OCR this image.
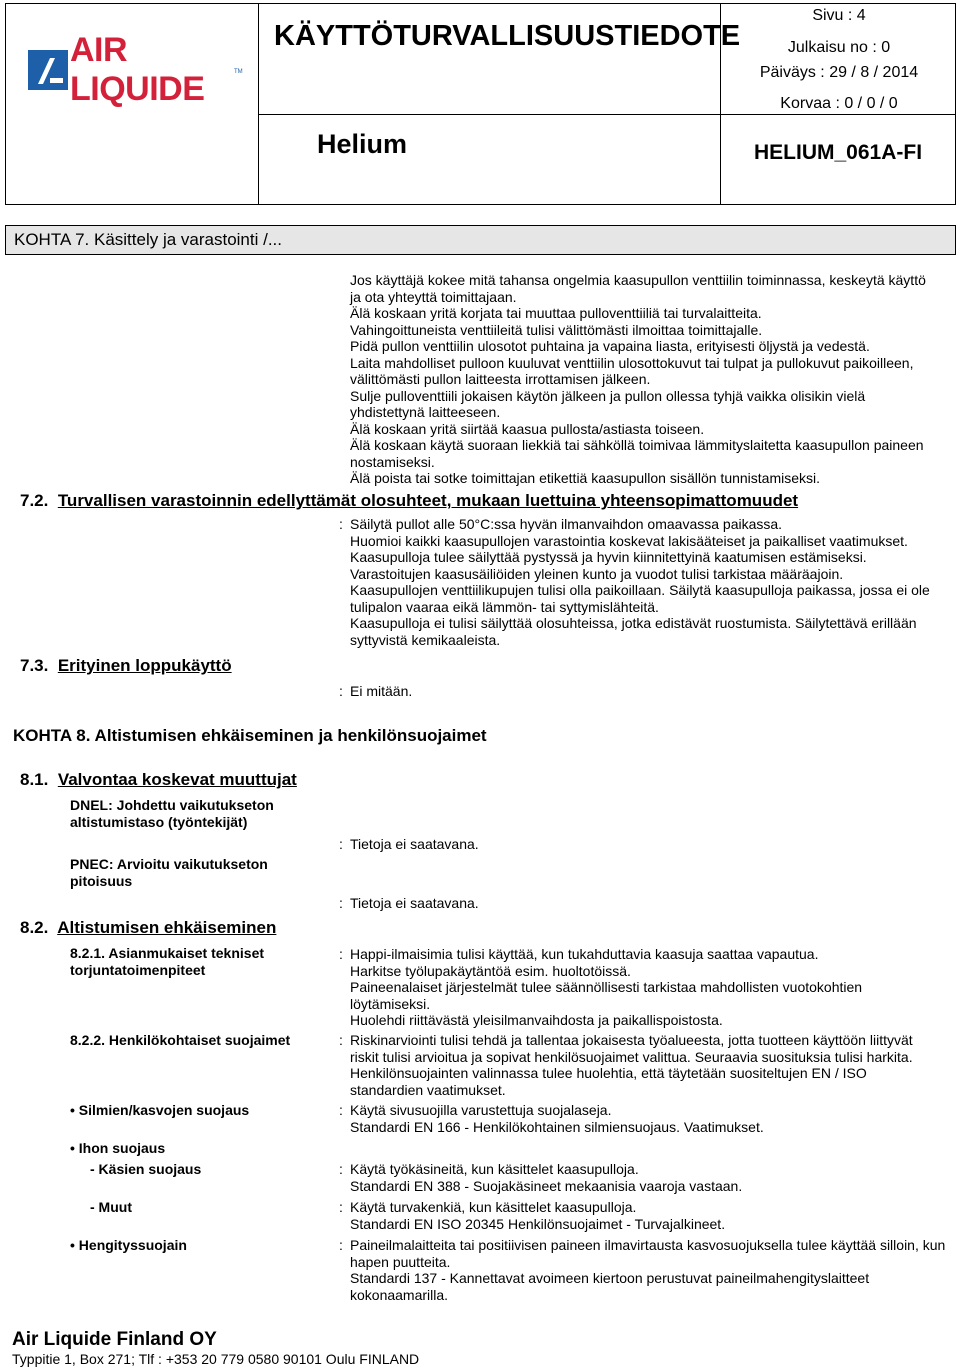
AIR LIQUIDE	TM
KÄYTTÖTURVALLISUUSTIEDOTE
Sivu : 4
Julkaisu no : 0
Päiväys : 29 / 8 / 2014
Korvaa : 0 / 0 / 0
Helium	HELIUM_061A-FI
KOHTA 7. Käsittely ja varastointi /...
Jos käyttäjä kokee mitä tahansa ongelmia kaasupullon venttiilin toiminnassa, keskeytä käyttö
ja ota yhteyttä toimittajaan.
Älä koskaan yritä korjata tai muuttaa pulloventtiiliä tai turvalaitteita.
Vahingoittuneista venttiileitä tulisi välittömästi ilmoittaa toimittajalle.
Pidä pullon venttiilin ulosotot puhtaina ja vapaina liasta, erityisesti öljystä ja vedestä.
Laita mahdolliset pulloon kuuluvat venttiilin ulosottokuvut tai tulpat ja pullokuvut paikoilleen,
välittömästi pullon laitteesta irrottamisen jälkeen.
Sulje pulloventtiili jokaisen käytön jälkeen ja pullon ollessa tyhjä vaikka olisikin vielä
yhdistettynä laitteeseen.
Älä koskaan yritä siirtää kaasua pullosta/astiasta toiseen.
Älä koskaan käytä suoraan liekkiä tai sähköllä toimivaa lämmityslaitetta kaasupullon paineen
nostamiseksi.
Älä poista tai sotke toimittajan etikettiä kaasupullon sisällön tunnistamiseksi.
7.2. Turvallisen varastoinnin edellyttämät olosuhteet, mukaan luettuina yhteensopimattomuudet
: Säilytä pullot alle 50°C:ssa hyvän ilmanvaihdon omaavassa paikassa.
Huomioi kaikki kaasupullojen varastointia koskevat lakisääteiset ja paikalliset vaatimukset.
Kaasupulloja tulee säilyttää pystyssä ja hyvin kiinnitettyinä kaatumisen estämiseksi.
Varastoitujen kaasusäiliöiden yleinen kunto ja vuodot tulisi tarkistaa määräajoin.
Kaasupullojen venttiilikupujen tulisi olla paikoillaan. Säilytä kaasupulloja paikassa, jossa ei ole
tulipalon vaaraa eikä lämmön- tai syttymislähteitä.
Kaasupulloja ei tulisi säilyttää olosuhteissa, jotka edistävät ruostumista. Säilytettävä erillään
syttyvistä kemikaaleista.
7.3. Erityinen loppukäyttö
: Ei mitään.
KOHTA 8. Altistumisen ehkäiseminen ja henkilönsuojaimet
8.1. Valvontaa koskevat muuttujat
DNEL: Johdettu vaikutukseton
altistumistaso (työntekijät)
: Tietoja ei saatavana.
PNEC: Arvioitu vaikutukseton
pitoisuus
: Tietoja ei saatavana.
8.2. Altistumisen ehkäiseminen
8.2.1. Asianmukaiset tekniset
torjuntatoimenpiteet
: Happi-ilmaisimia tulisi käyttää, kun tukahduttavia kaasuja saattaa vapautua.
Harkitse työlupakäytäntöä esim. huoltotöissä.
Paineenalaiset järjestelmät tulee säännöllisesti tarkistaa mahdollisten vuotokohtien
löytämiseksi.
Huolehdi riittävästä yleisilmanvaihdosta ja paikallispoistosta.
8.2.2. Henkilökohtaiset suojaimet	: Riskinarviointi tulisi tehdä ja tallentaa jokaisesta työalueesta, jotta tuotteen käyttöön liittyvät
riskit tulisi arvioitua ja sopivat henkilösuojaimet valittua. Seuraavia suosituksia tulisi harkita.
Henkilönsuojainten valinnassa tulee huolehtia, että täytetään suositeltujen EN / ISO
standardien vaatimukset.
• Silmien/kasvojen suojaus	: Käytä sivusuojilla varustettuja suojalaseja.
Standardi EN 166 - Henkilökohtainen silmiensuojaus. Vaatimukset.
• Ihon suojaus
- Käsien suojaus	: Käytä työkäsineitä, kun käsittelet kaasupulloja.
Standardi EN 388 - Suojakäsineet mekaanisia vaaroja vastaan.
- Muut	: Käytä turvakenkiä, kun käsittelet kaasupulloja.
Standardi EN ISO 20345 Henkilönsuojaimet - Turvajalkineet.
• Hengityssuojain	: Paineilmalaitteita tai positiivisen paineen ilmavirtausta kasvosuojuksella tulee käyttää silloin, kun
hapen puutteita.
Standardi 137 - Kannettavat avoimeen kiertoon perustuvat paineilmahengityslaitteet
kokonaamarilla.
Air Liquide Finland OY
Typpitie 1, Box 271; Tlf : +353 20 779 0580 90101 Oulu FINLAND
